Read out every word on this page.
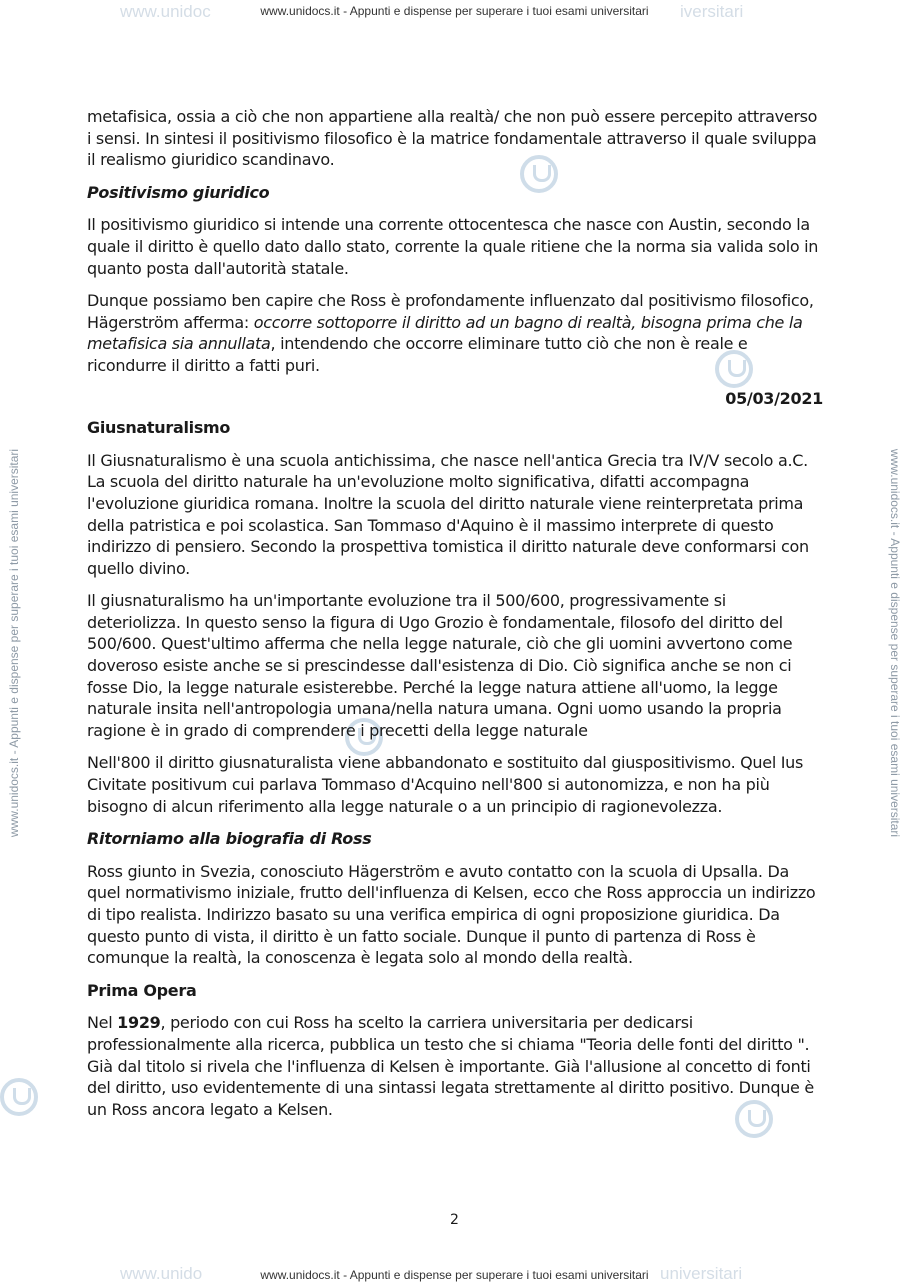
www.unidoc	iversitari
www.unidocs.it - Appunti e dispense per superare i tuoi esami universitari
www.unido	universitari
www.unidocs.it - Appunti e dispense per superare i tuoi esami universitari
www.unidocs.it - Appunti e dispense per superare i tuoi esami universitari	www.unidocs.it - Appunti e dispense per superare i tuoi esami universitari

metafisica, ossia a ciò che non appartiene alla realtà/ che non può essere percepito attraverso i sensi. In sintesi il positivismo filosofico è la matrice fondamentale attraverso il quale sviluppa il realismo giuridico scandinavo.

Positivismo giuridico

Il positivismo giuridico si intende una corrente ottocentesca che nasce con Austin, secondo la quale il diritto è quello dato dallo stato, corrente la quale ritiene che la norma sia valida solo in quanto posta dall'autorità statale.

Dunque possiamo ben capire che Ross è profondamente influenzato dal positivismo filosofico, Hägerström afferma: occorre sottoporre il diritto ad un bagno di realtà, bisogna prima che la metafisica sia annullata, intendendo che occorre eliminare tutto ciò che non è reale e ricondurre il diritto a fatti puri.

05/03/2021
Giusnaturalismo

Il Giusnaturalismo è una scuola antichissima, che nasce nell'antica Grecia tra IV/V secolo a.C. La scuola del diritto naturale ha un'evoluzione molto significativa, difatti accompagna l'evoluzione giuridica romana. Inoltre la scuola del diritto naturale viene reinterpretata prima della patristica e poi scolastica. San Tommaso d'Aquino è il massimo interprete di questo indirizzo di pensiero. Secondo la prospettiva tomistica il diritto naturale deve conformarsi con quello divino.

Il giusnaturalismo ha un'importante evoluzione tra il 500/600, progressivamente si deteriolizza. In questo senso la figura di Ugo Grozio è fondamentale, filosofo del diritto del 500/600. Quest'ultimo afferma che nella legge naturale, ciò che gli uomini avvertono come doveroso esiste anche se si prescindesse dall'esistenza di Dio. Ciò significa anche se non ci fosse Dio, la legge naturale esisterebbe. Perché la legge natura attiene all'uomo, la legge naturale insita nell'antropologia umana/nella natura umana. Ogni uomo usando la propria ragione è in grado di comprendere i precetti della legge naturale

Nell'800 il diritto giusnaturalista viene abbandonato e sostituito dal giuspositivismo. Quel Ius Civitate positivum cui parlava Tommaso d'Acquino nell'800 si autonomizza, e non ha più bisogno di alcun riferimento alla legge naturale o a un principio di ragionevolezza.

Ritorniamo alla biografia di Ross

Ross giunto in Svezia, conosciuto Hägerström e avuto contatto con la scuola di Upsalla. Da quel normativismo iniziale, frutto dell'influenza di Kelsen, ecco che Ross approccia un indirizzo di tipo realista. Indirizzo basato su una verifica empirica di ogni proposizione giuridica. Da questo punto di vista, il diritto è un fatto sociale. Dunque il punto di partenza di Ross è comunque la realtà, la conoscenza è legata solo al mondo della realtà.

Prima Opera

Nel 1929, periodo con cui Ross ha scelto la carriera universitaria per dedicarsi professionalmente alla ricerca, pubblica un testo che si chiama "Teoria delle fonti del diritto ". Già dal titolo si rivela che l'influenza di Kelsen è importante. Già l'allusione al concetto di fonti del diritto, uso evidentemente di una sintassi legata strettamente al diritto positivo. Dunque è un Ross ancora legato a Kelsen.

2
